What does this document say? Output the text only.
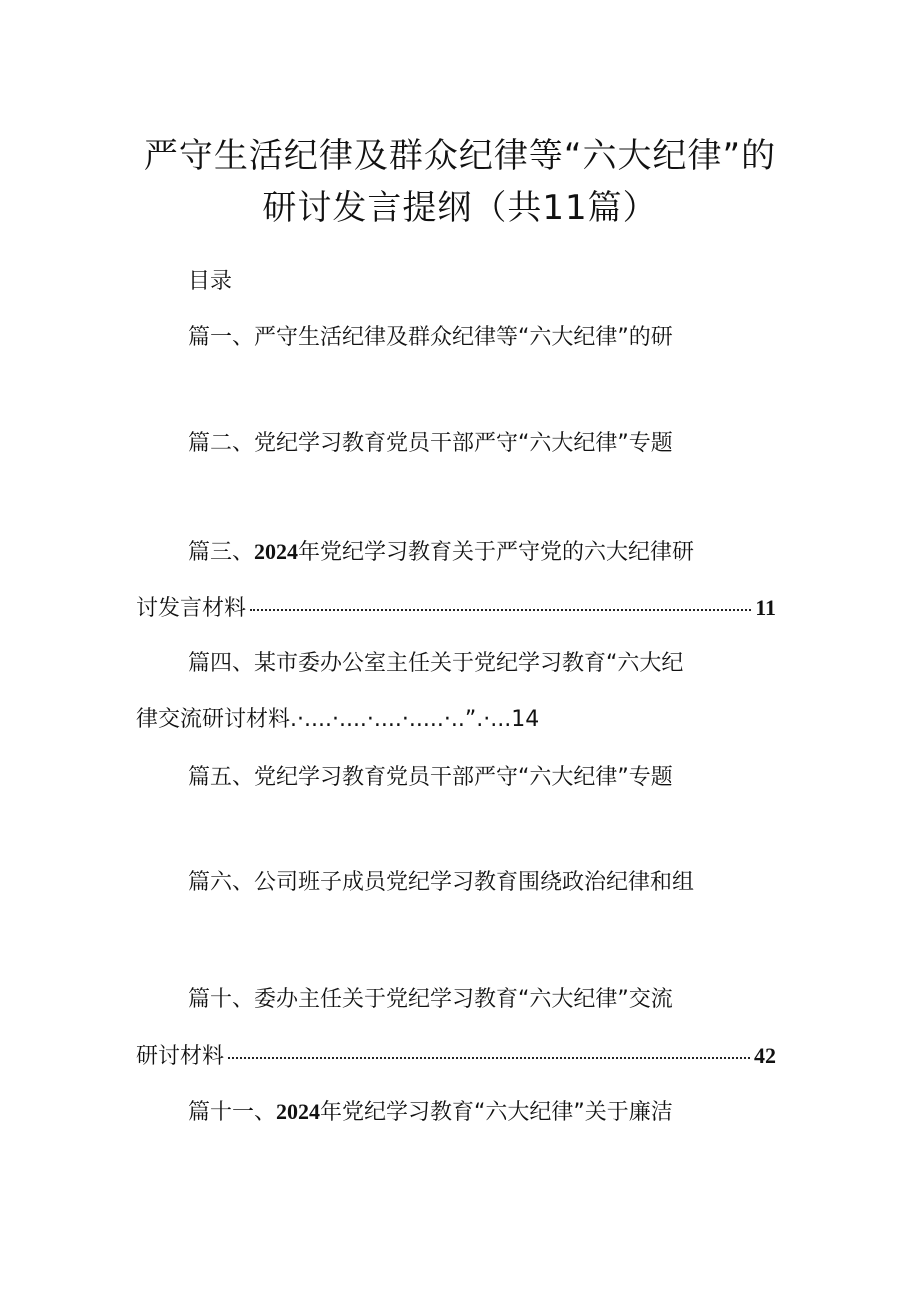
严守生活纪律及群众纪律等“六大纪律”的
研讨发言提纲（共11篇）
目录
篇一、严守生活纪律及群众纪律等“六大纪律”的研
篇二、党纪学习教育党员干部严守“六大纪律”专题
篇三、2024年党纪学习教育关于严守党的六大纪律研
讨发言材料	11
篇四、某市委办公室主任关于党纪学习教育“六大纪
律交流研讨材料.·....·....·....·.....·..”.·...14
篇五、党纪学习教育党员干部严守“六大纪律”专题
篇六、公司班子成员党纪学习教育围绕政治纪律和组
篇十、委办主任关于党纪学习教育“六大纪律”交流
研讨材料	42
篇十一、2024年党纪学习教育“六大纪律”关于廉洁
